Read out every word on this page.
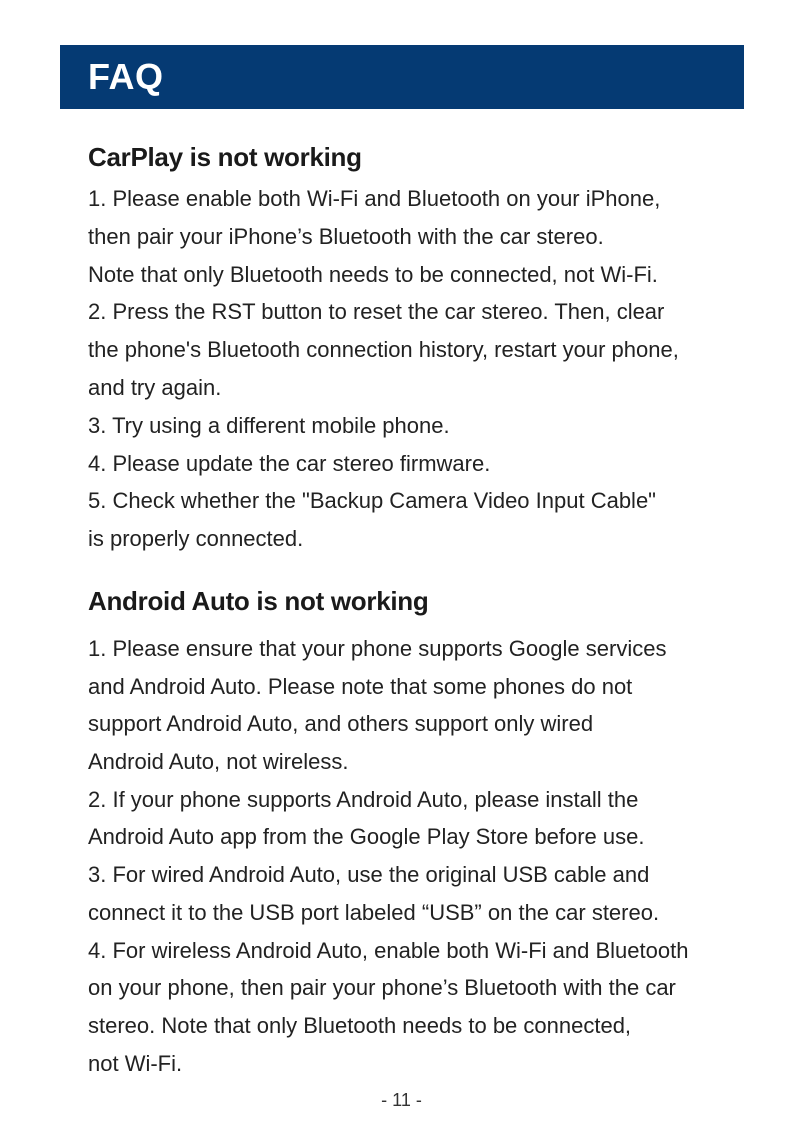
FAQ
CarPlay is not working
1. Please enable both Wi-Fi and Bluetooth on your iPhone,
then pair your iPhone’s Bluetooth with the car stereo.
Note that only Bluetooth needs to be connected, not Wi-Fi.
2. Press the RST button to reset the car stereo. Then, clear
the phone's Bluetooth connection history, restart your phone,
and try again.
3. Try using a different mobile phone.
4. Please update the car stereo firmware.
5. Check whether the "Backup Camera Video Input Cable"
is properly connected.
Android Auto is not working
1. Please ensure that your phone supports Google services
and Android Auto. Please note that some phones do not
support Android Auto, and others support only wired
Android Auto, not wireless.
2. If your phone supports Android Auto, please install the
Android Auto app from the Google Play Store before use.
3. For wired Android Auto, use the original USB cable and
connect it to the USB port labeled “USB” on the car stereo.
4. For wireless Android Auto, enable both Wi-Fi and Bluetooth
on your phone, then pair your phone’s Bluetooth with the car
stereo. Note that only Bluetooth needs to be connected,
not Wi-Fi.
- 11 -
